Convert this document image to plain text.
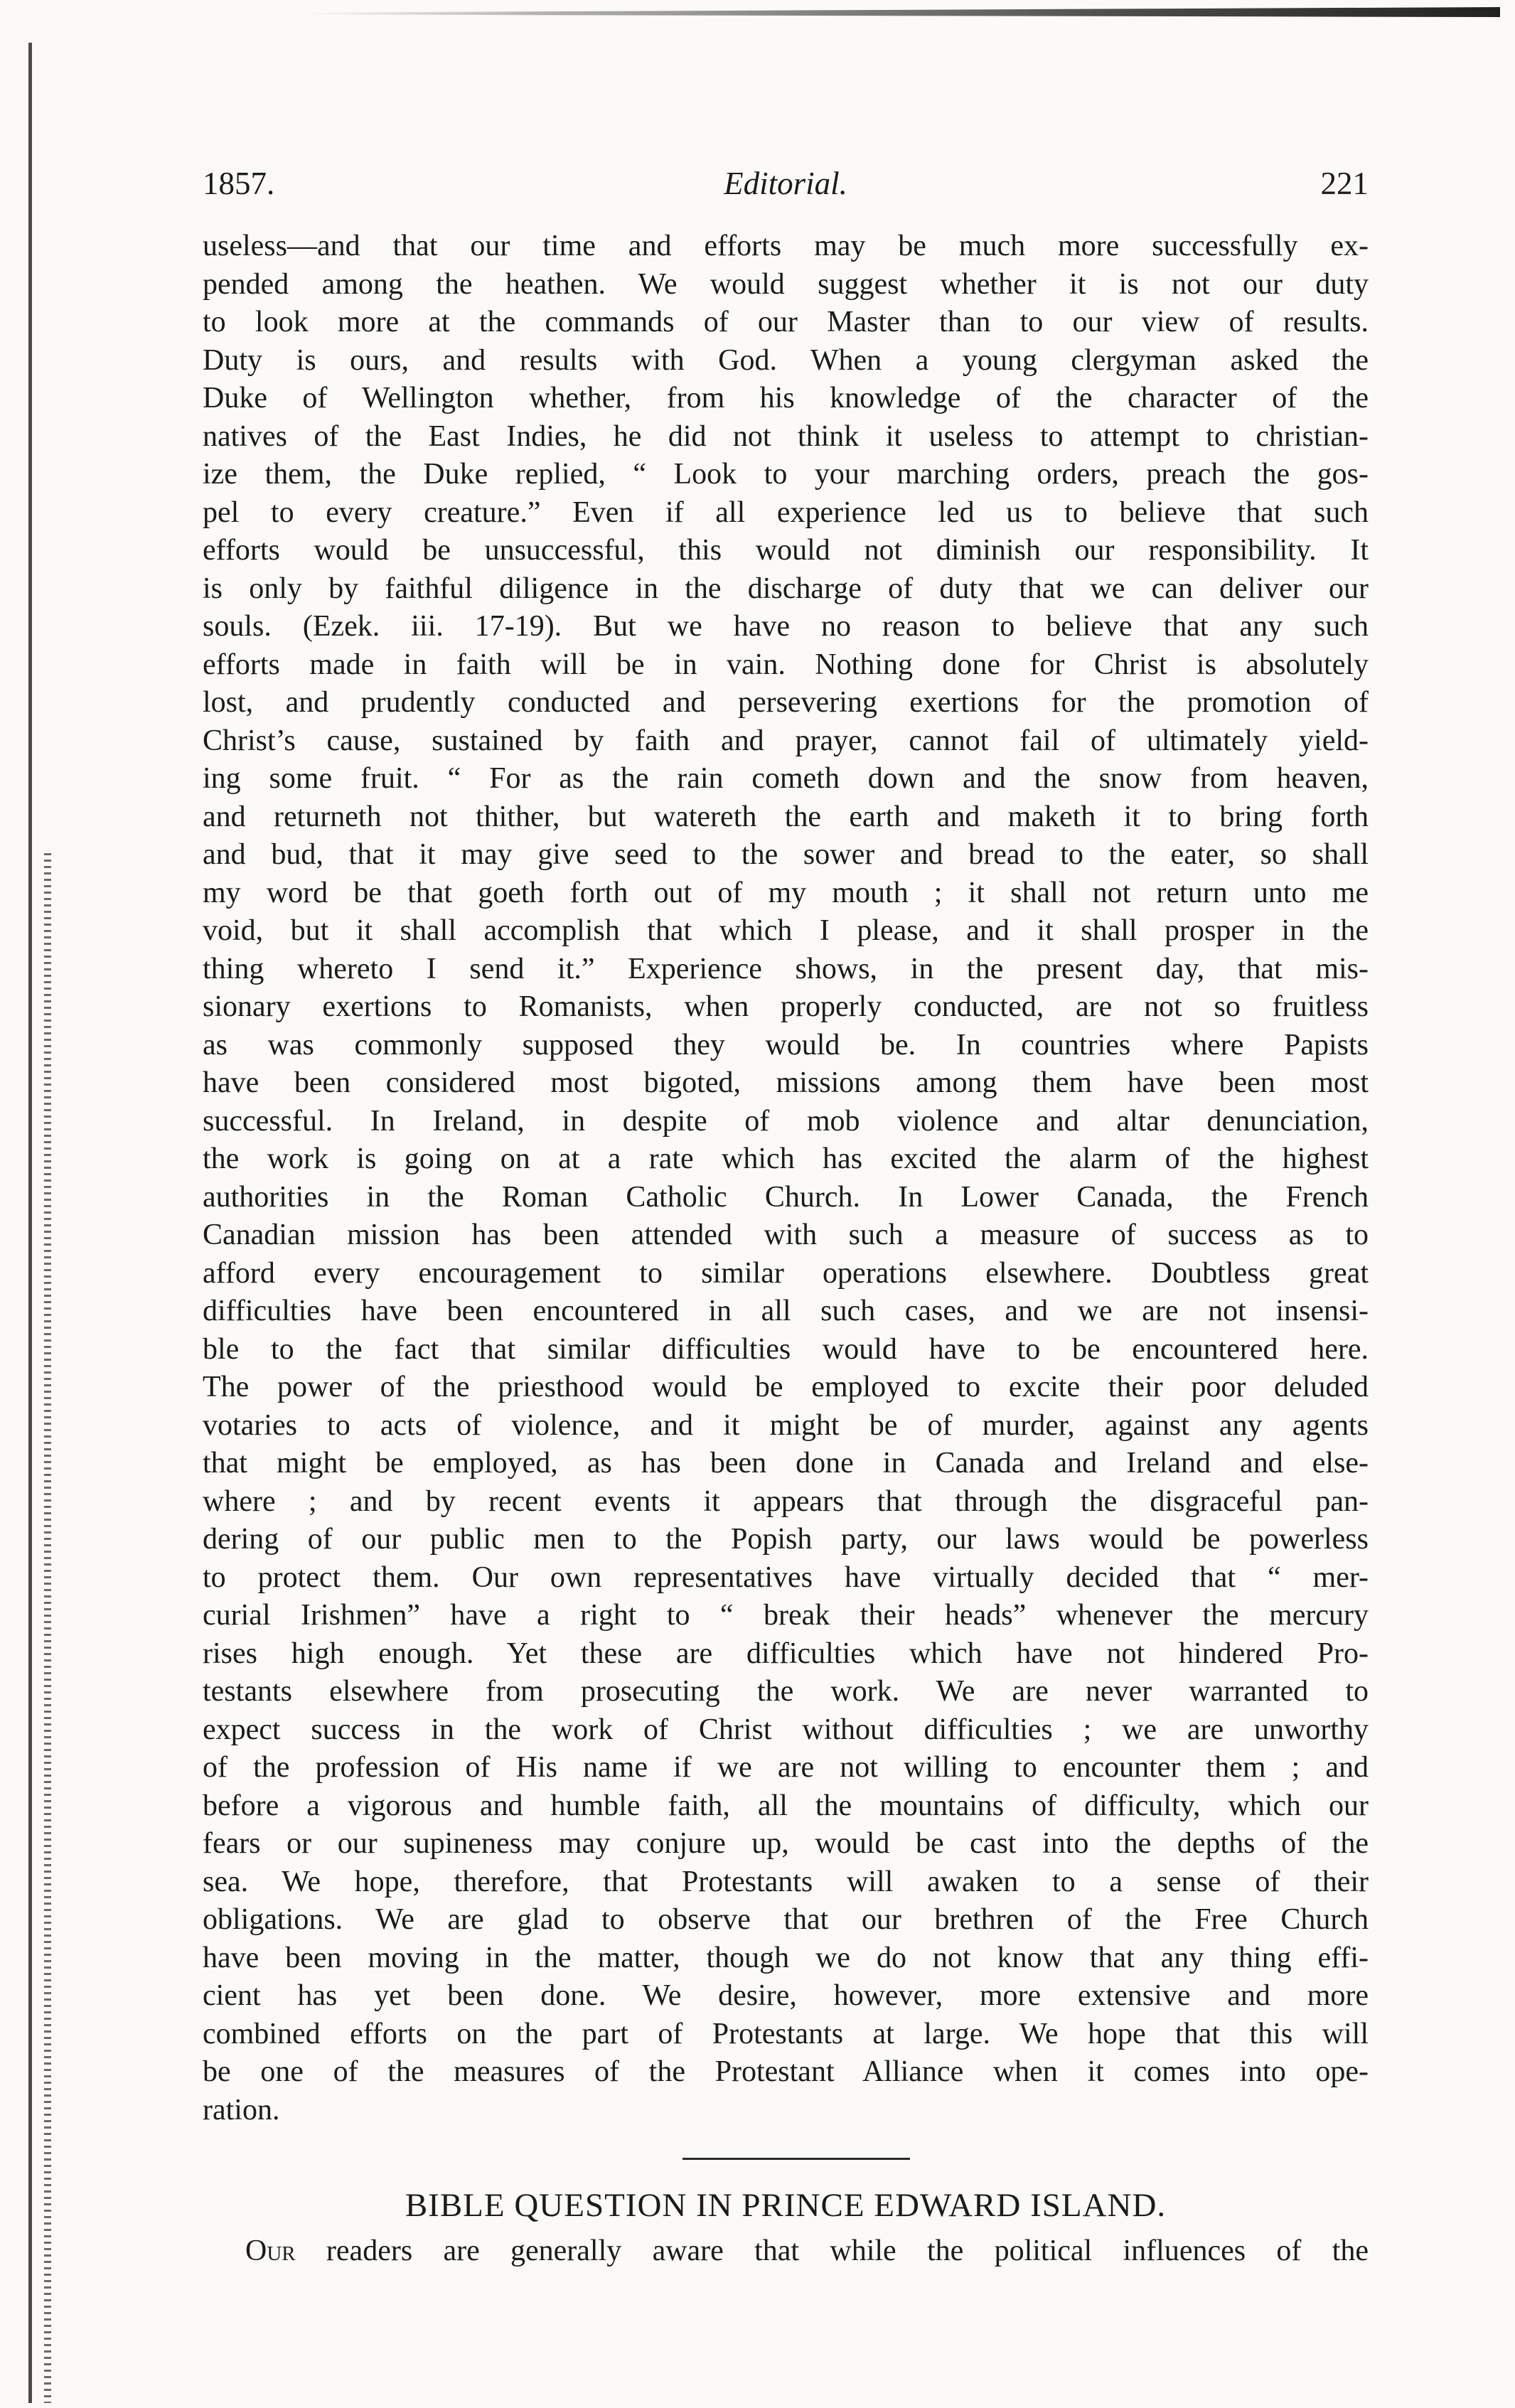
1857.	Editorial.	221
useless—and that our time and efforts may be much more successfully ex-
pended among the heathen. We would suggest whether it is not our duty
to look more at the commands of our Master than to our view of results.
Duty is ours, and results with God. When a young clergyman asked the
Duke of Wellington whether, from his knowledge of the character of the
natives of the East Indies, he did not think it useless to attempt to christian-
ize them, the Duke replied, “ Look to your marching orders, preach the gos-
pel to every creature.” Even if all experience led us to believe that such
efforts would be unsuccessful, this would not diminish our responsibility. It
is only by faithful diligence in the discharge of duty that we can deliver our
souls. (Ezek. iii. 17-19). But we have no reason to believe that any such
efforts made in faith will be in vain. Nothing done for Christ is absolutely
lost, and prudently conducted and persevering exertions for the promotion of
Christ’s cause, sustained by faith and prayer, cannot fail of ultimately yield-
ing some fruit. “ For as the rain cometh down and the snow from heaven,
and returneth not thither, but watereth the earth and maketh it to bring forth
and bud, that it may give seed to the sower and bread to the eater, so shall
my word be that goeth forth out of my mouth ; it shall not return unto me
void, but it shall accomplish that which I please, and it shall prosper in the
thing whereto I send it.” Experience shows, in the present day, that mis-
sionary exertions to Romanists, when properly conducted, are not so fruitless
as was commonly supposed they would be. In countries where Papists
have been considered most bigoted, missions among them have been most
successful. In Ireland, in despite of mob violence and altar denunciation,
the work is going on at a rate which has excited the alarm of the highest
authorities in the Roman Catholic Church. In Lower Canada, the French
Canadian mission has been attended with such a measure of success as to
afford every encouragement to similar operations elsewhere. Doubtless great
difficulties have been encountered in all such cases, and we are not insensi-
ble to the fact that similar difficulties would have to be encountered here.
The power of the priesthood would be employed to excite their poor deluded
votaries to acts of violence, and it might be of murder, against any agents
that might be employed, as has been done in Canada and Ireland and else-
where ; and by recent events it appears that through the disgraceful pan-
dering of our public men to the Popish party, our laws would be powerless
to protect them. Our own representatives have virtually decided that “ mer-
curial Irishmen” have a right to “ break their heads” whenever the mercury
rises high enough. Yet these are difficulties which have not hindered Pro-
testants elsewhere from prosecuting the work. We are never warranted to
expect success in the work of Christ without difficulties ; we are unworthy
of the profession of His name if we are not willing to encounter them ; and
before a vigorous and humble faith, all the mountains of difficulty, which our
fears or our supineness may conjure up, would be cast into the depths of the
sea. We hope, therefore, that Protestants will awaken to a sense of their
obligations. We are glad to observe that our brethren of the Free Church
have been moving in the matter, though we do not know that any thing effi-
cient has yet been done. We desire, however, more extensive and more
combined efforts on the part of Protestants at large. We hope that this will
be one of the measures of the Protestant Alliance when it comes into ope-
ration.
BIBLE QUESTION IN PRINCE EDWARD ISLAND.
Our readers are generally aware that while the political influences of the
